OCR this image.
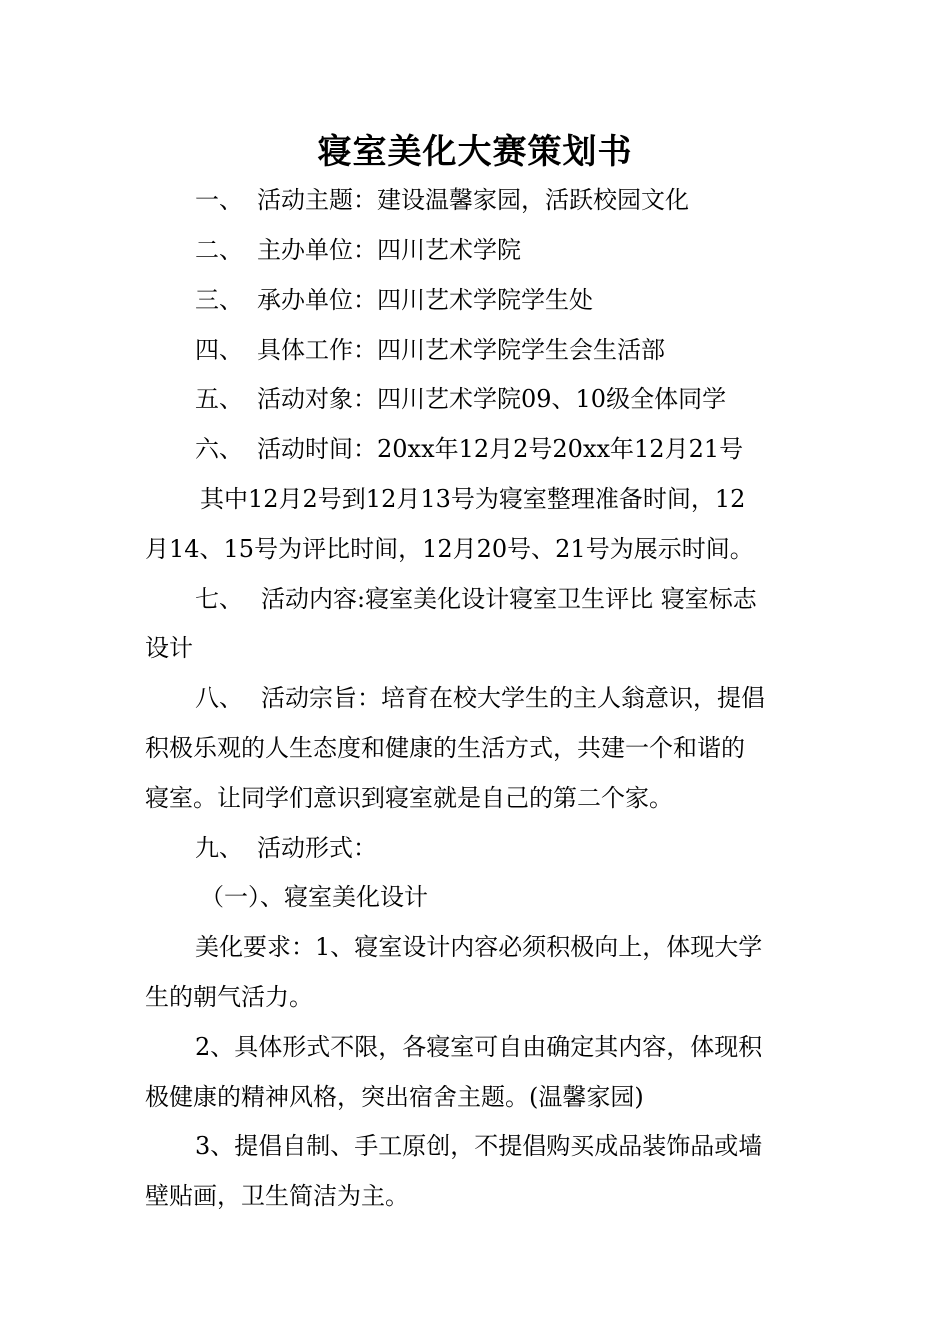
寝室美化大赛策划书
一、 活动主题：建设温馨家园，活跃校园文化
二、 主办单位：四川艺术学院
三、 承办单位：四川艺术学院学生处
四、 具体工作：四川艺术学院学生会生活部
五、 活动对象：四川艺术学院09、10级全体同学
六、 活动时间：20xx年12月2号20xx年12月21号
其中12月2号到12月13号为寝室整理准备时间，12
月14、15号为评比时间，12月20号、21号为展示时间。
七、 活动内容:寝室美化设计寝室卫生评比 寝室标志
设计
八、 活动宗旨：培育在校大学生的主人翁意识，提倡
积极乐观的人生态度和健康的生活方式，共建一个和谐的
寝室。让同学们意识到寝室就是自己的第二个家。
九、 活动形式：
（一）、寝室美化设计
美化要求：1、寝室设计内容必须积极向上，体现大学
生的朝气活力。
2、具体形式不限，各寝室可自由确定其内容，体现积
极健康的精神风格，突出宿舍主题。(温馨家园)
3、提倡自制、手工原创，不提倡购买成品装饰品或墙
壁贴画，卫生简洁为主。
